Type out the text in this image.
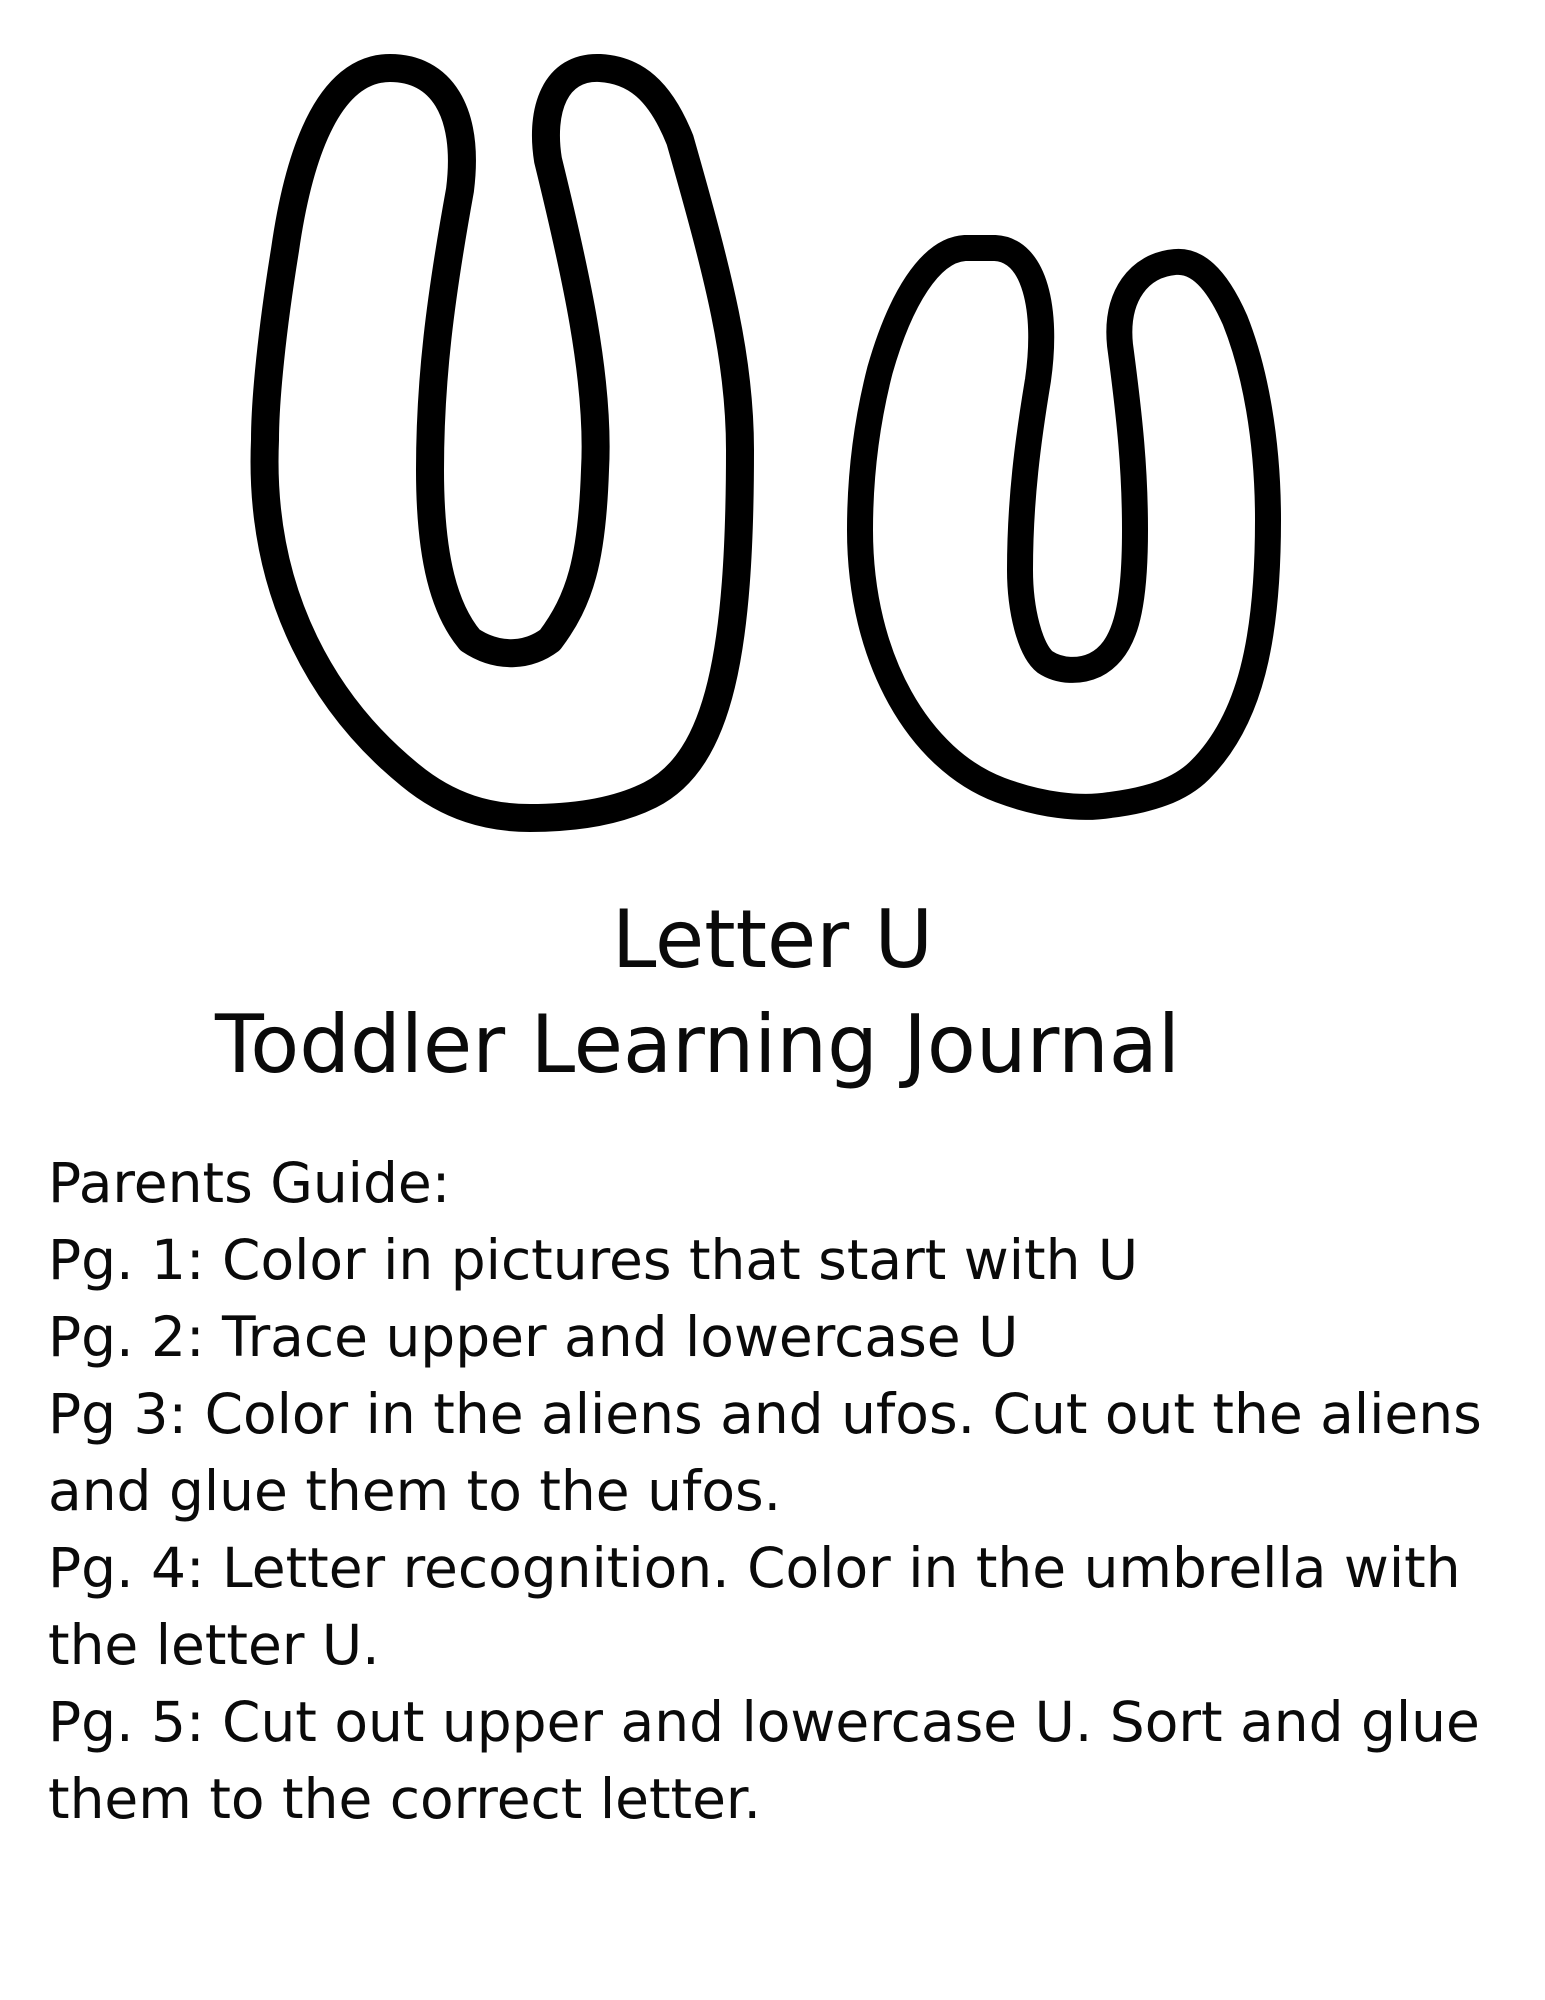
Letter U
Toddler Learning Journal

Parents Guide:

Pg. 1: Color in pictures that start with U

Pg. 2: Trace upper and lowercase U

Pg 3: Color in the aliens and ufos. Cut out the aliens and glue them to the ufos.

Pg. 4: Letter recognition. Color in the umbrella with the letter U.

Pg. 5: Cut out upper and lowercase U. Sort and glue them to the correct letter.
